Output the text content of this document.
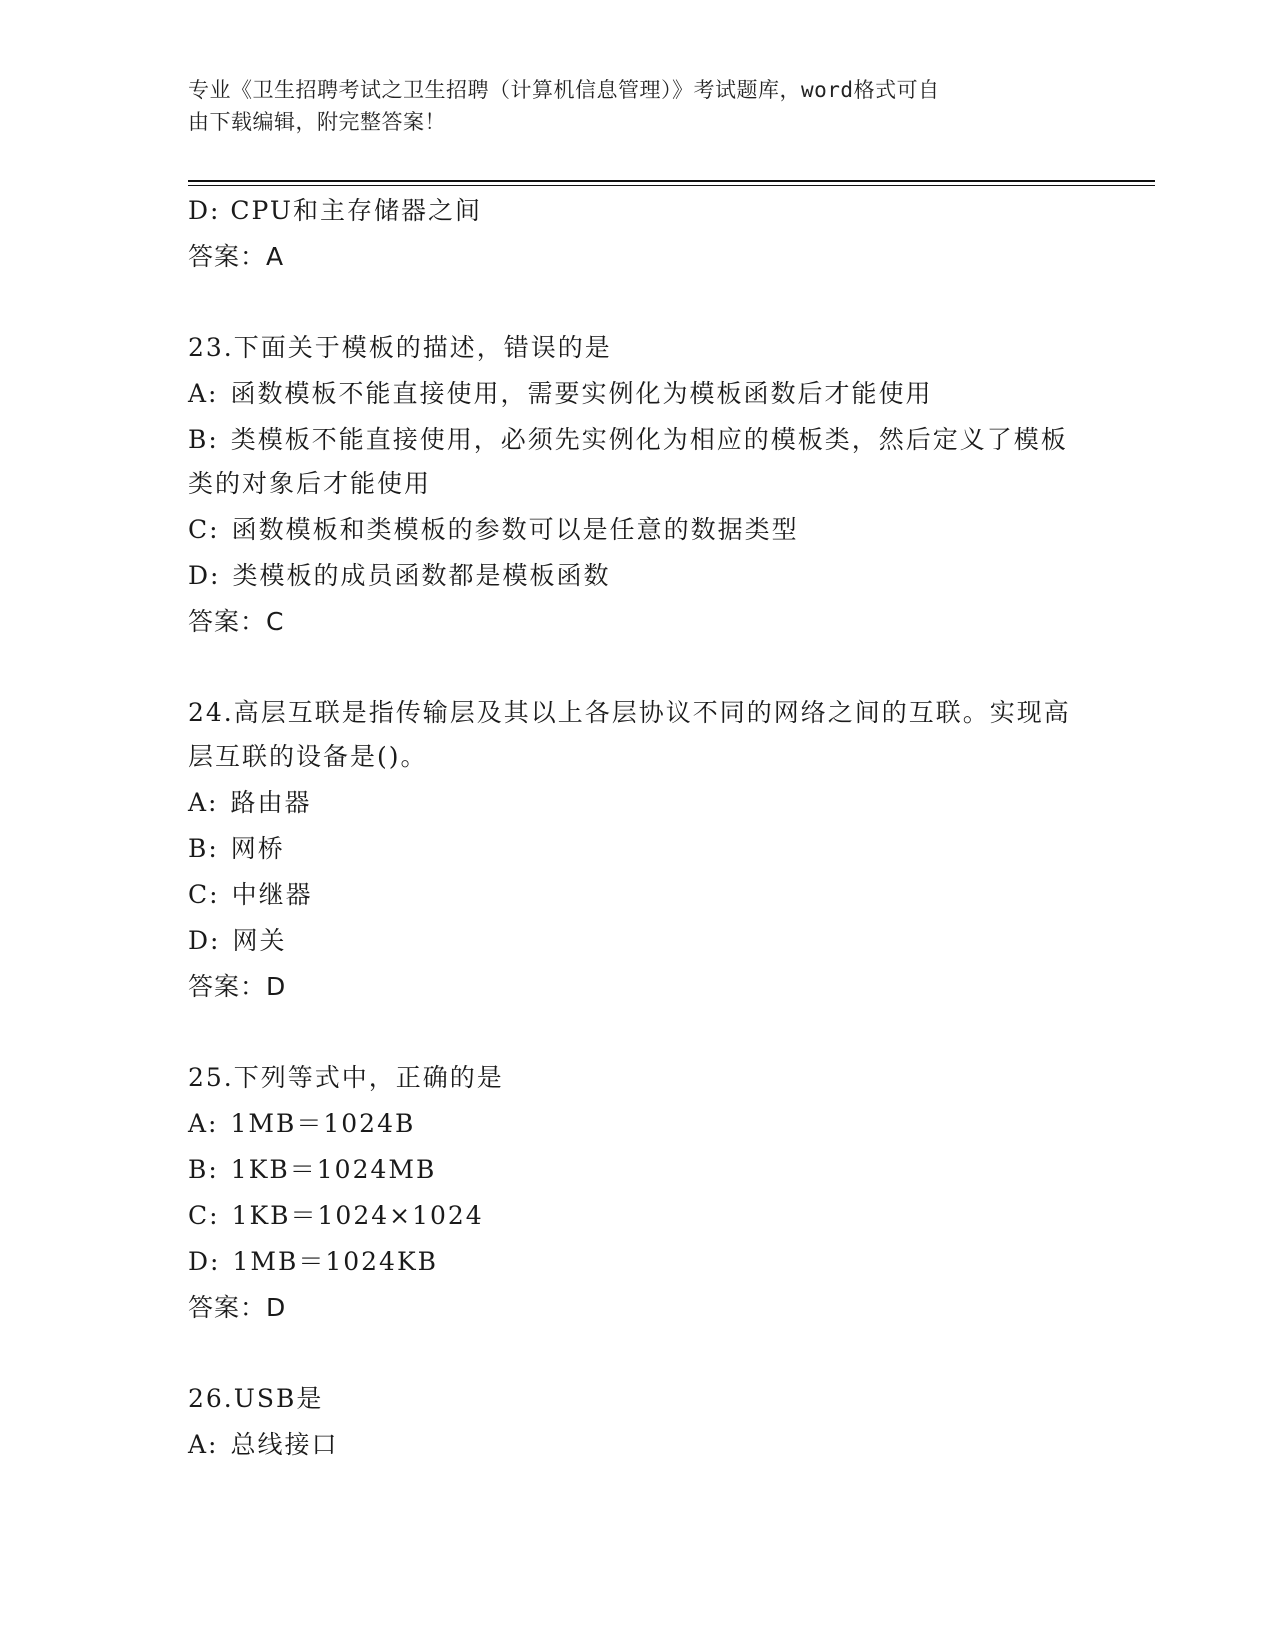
专业《卫生招聘考试之卫生招聘（计算机信息管理）》考试题库，word格式可自
由下载编辑，附完整答案！
D: CPU和主存储器之间
答案：A
23.下面关于模板的描述，错误的是
A: 函数模板不能直接使用，需要实例化为模板函数后才能使用
B: 类模板不能直接使用，必须先实例化为相应的模板类，然后定义了模板类的对象后才能使用
C: 函数模板和类模板的参数可以是任意的数据类型
D: 类模板的成员函数都是模板函数
答案：C
24.高层互联是指传输层及其以上各层协议不同的网络之间的互联。实现高层互联的设备是()。
A: 路由器
B: 网桥
C: 中继器
D: 网关
答案：D
25.下列等式中，正确的是
A: 1MB＝1024B
B: 1KB＝1024MB
C: 1KB＝1024×1024
D: 1MB＝1024KB
答案：D
26.USB是
A: 总线接口
